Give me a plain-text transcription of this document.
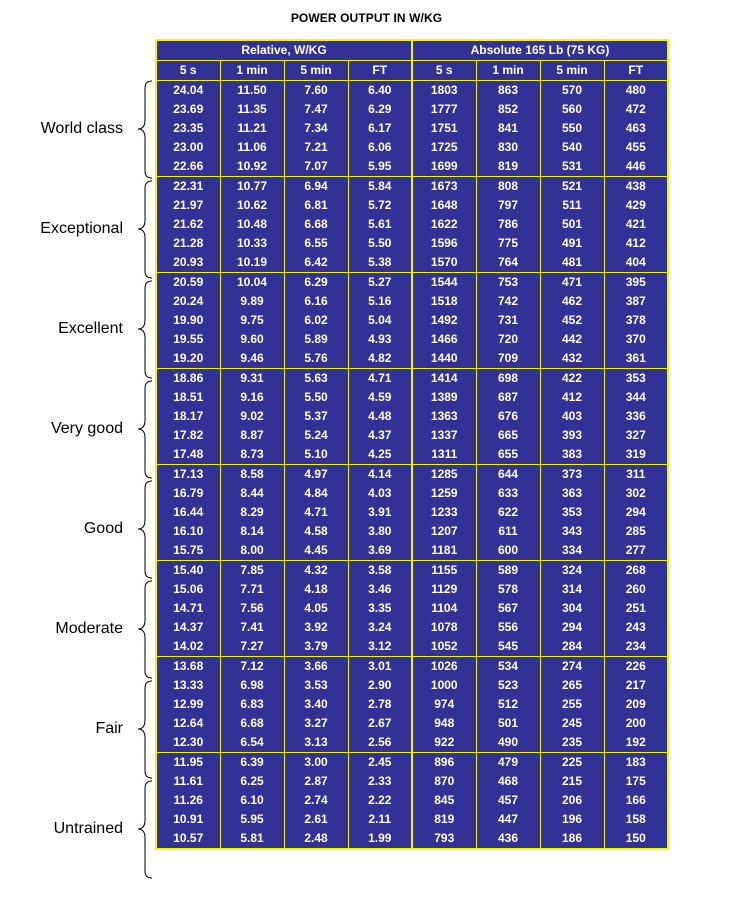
POWER OUTPUT IN W/KG
Relative, W/KG				Absolute 165 Lb (75 KG)			
5 s	1 min	5 min	FT	5 s	1 min	5 min	FT
24.04	11.50	7.60	6.40	1803	863	570	480
23.69	11.35	7.47	6.29	1777	852	560	472
23.35	11.21	7.34	6.17	1751	841	550	463
23.00	11.06	7.21	6.06	1725	830	540	455
22.66	10.92	7.07	5.95	1699	819	531	446
22.31	10.77	6.94	5.84	1673	808	521	438
21.97	10.62	6.81	5.72	1648	797	511	429
21.62	10.48	6.68	5.61	1622	786	501	421
21.28	10.33	6.55	5.50	1596	775	491	412
20.93	10.19	6.42	5.38	1570	764	481	404
20.59	10.04	6.29	5.27	1544	753	471	395
20.24	9.89	6.16	5.16	1518	742	462	387
19.90	9.75	6.02	5.04	1492	731	452	378
19.55	9.60	5.89	4.93	1466	720	442	370
19.20	9.46	5.76	4.82	1440	709	432	361
18.86	9.31	5.63	4.71	1414	698	422	353
18.51	9.16	5.50	4.59	1389	687	412	344
18.17	9.02	5.37	4.48	1363	676	403	336
17.82	8.87	5.24	4.37	1337	665	393	327
17.48	8.73	5.10	4.25	1311	655	383	319
17.13	8.58	4.97	4.14	1285	644	373	311
16.79	8.44	4.84	4.03	1259	633	363	302
16.44	8.29	4.71	3.91	1233	622	353	294
16.10	8.14	4.58	3.80	1207	611	343	285
15.75	8.00	4.45	3.69	1181	600	334	277
15.40	7.85	4.32	3.58	1155	589	324	268
15.06	7.71	4.18	3.46	1129	578	314	260
14.71	7.56	4.05	3.35	1104	567	304	251
14.37	7.41	3.92	3.24	1078	556	294	243
14.02	7.27	3.79	3.12	1052	545	284	234
13.68	7.12	3.66	3.01	1026	534	274	226
13.33	6.98	3.53	2.90	1000	523	265	217
12.99	6.83	3.40	2.78	974	512	255	209
12.64	6.68	3.27	2.67	948	501	245	200
12.30	6.54	3.13	2.56	922	490	235	192
11.95	6.39	3.00	2.45	896	479	225	183
11.61	6.25	2.87	2.33	870	468	215	175
11.26	6.10	2.74	2.22	845	457	206	166
10.91	5.95	2.61	2.11	819	447	196	158
10.57	5.81	2.48	1.99	793	436	186	150
World class
Exceptional
Excellent
Very good
Good
Moderate
Fair
Untrained
